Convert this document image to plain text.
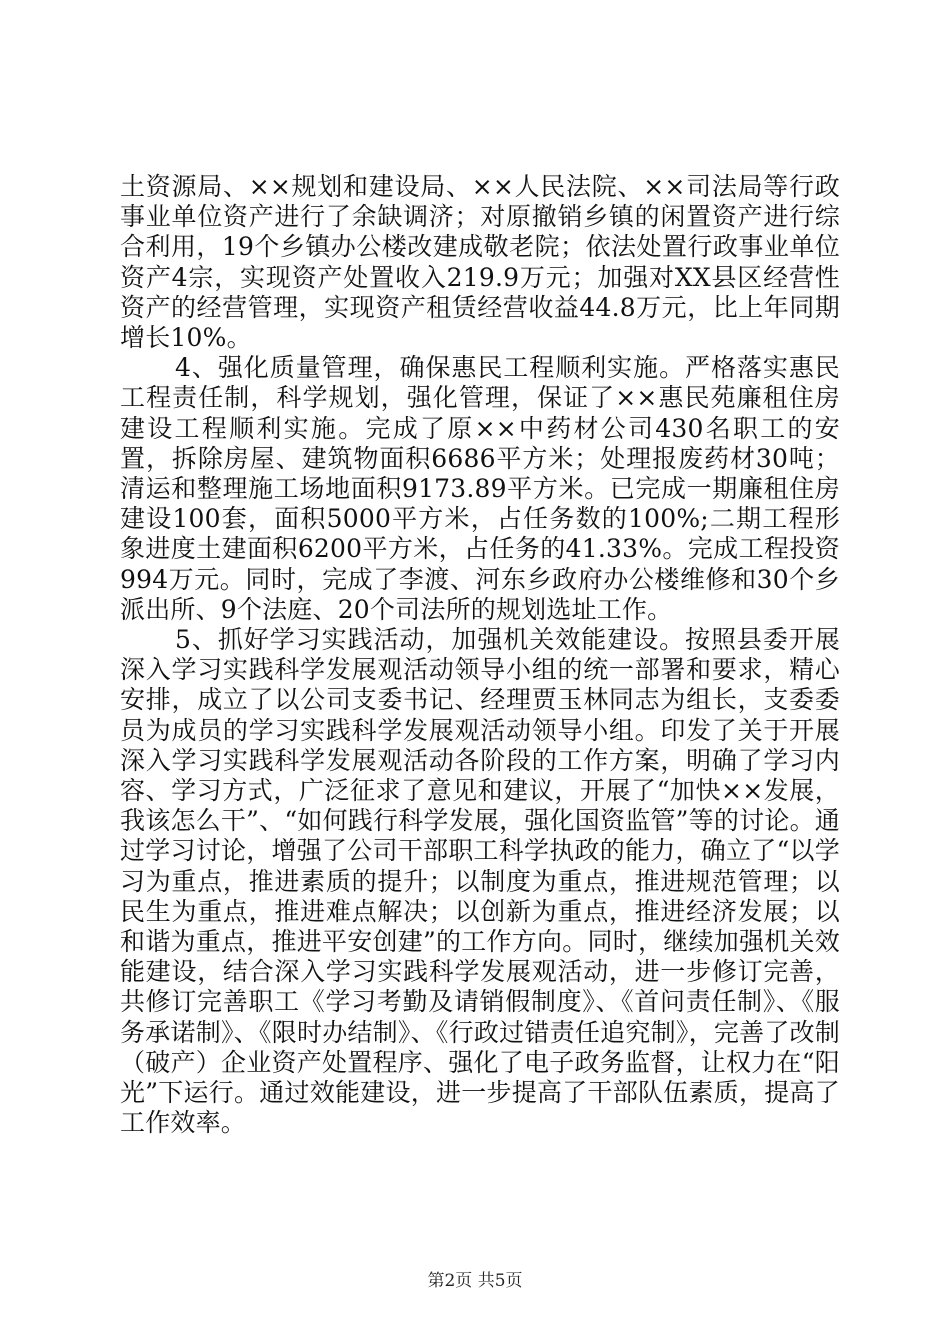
土资源局、××规划和建设局、××人民法院、××司法局等行政事业单位资产进行了余缺调济；对原撤销乡镇的闲置资产进行综合利用，19个乡镇办公楼改建成敬老院；依法处置行政事业单位资产4宗，实现资产处置收入219.9万元；加强对XX县区经营性资产的经营管理，实现资产租赁经营收益44.8万元，比上年同期增长10%。

4、强化质量管理，确保惠民工程顺利实施。严格落实惠民工程责任制，科学规划，强化管理，保证了××惠民苑廉租住房建设工程顺利实施。完成了原××中药材公司430名职工的安置，拆除房屋、建筑物面积6686平方米；处理报废药材30吨；清运和整理施工场地面积9173.89平方米。已完成一期廉租住房建设100套，面积5000平方米，占任务数的100%;二期工程形象进度土建面积6200平方米，占任务的41.33%。完成工程投资994万元。同时，完成了李渡、河东乡政府办公楼维修和30个乡派出所、9个法庭、20个司法所的规划选址工作。

5、抓好学习实践活动，加强机关效能建设。按照县委开展深入学习实践科学发展观活动领导小组的统一部署和要求，精心安排，成立了以公司支委书记、经理贾玉林同志为组长，支委委员为成员的学习实践科学发展观活动领导小组。印发了关于开展深入学习实践科学发展观活动各阶段的工作方案，明确了学习内容、学习方式，广泛征求了意见和建议，开展了“加快××发展，我该怎么干”、“如何践行科学发展，强化国资监管”等的讨论。通过学习讨论，增强了公司干部职工科学执政的能力，确立了“以学习为重点，推进素质的提升；以制度为重点，推进规范管理；以民生为重点，推进难点解决；以创新为重点，推进经济发展；以和谐为重点，推进平安创建”的工作方向。同时，继续加强机关效能建设，结合深入学习实践科学发展观活动，进一步修订完善，共修订完善职工《学习考勤及请销假制度》、《首问责任制》、《服务承诺制》、《限时办结制》、《行政过错责任追究制》，完善了改制（破产）企业资产处置程序、强化了电子政务监督，让权力在“阳光”下运行。通过效能建设，进一步提高了干部队伍素质，提高了工作效率。

第2页 共5页
